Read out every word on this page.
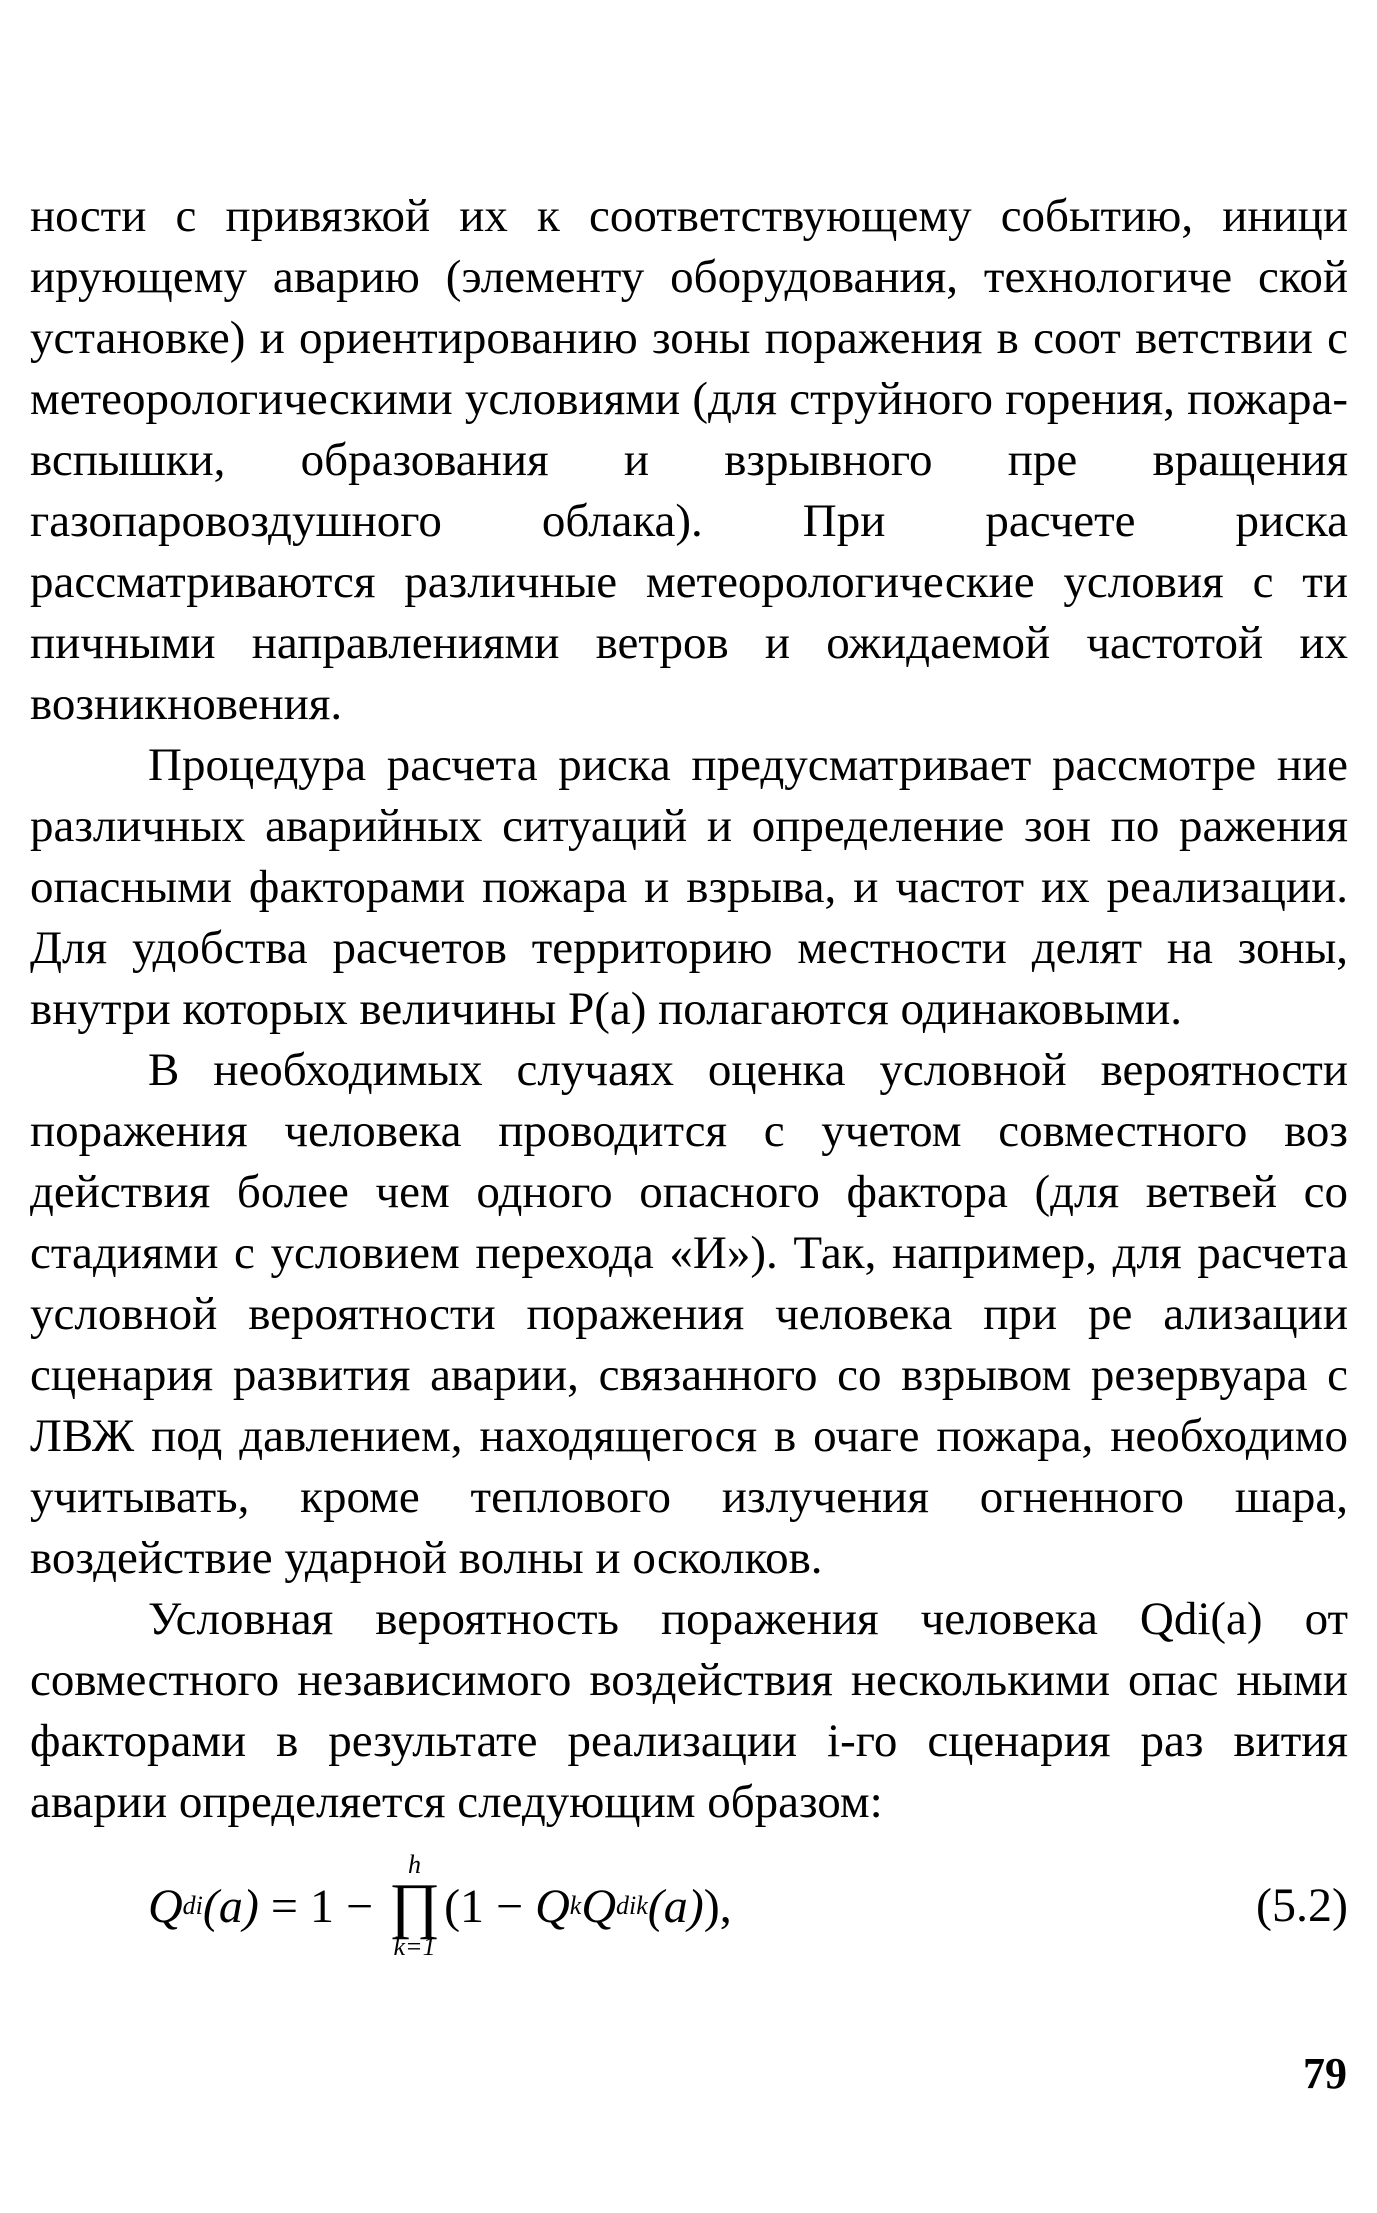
ности с привязкой их к соответствующему событию, иници ирующему аварию (элементу оборудования, технологиче ской установке) и ориентированию зоны поражения в соот ветствии с метеорологическими условиями (для струйного горения, пожара-вспышки, образования и взрывного пре вращения газопаровоздушного облака). При расчете риска рассматриваются различные метеорологические условия с ти пичными направлениями ветров и ожидаемой частотой их возникновения.

Процедура расчета риска предусматривает рассмотре ние различных аварийных ситуаций и определение зон по ражения опасными факторами пожара и взрыва, и частот их реализации. Для удобства расчетов территорию местности делят на зоны, внутри которых величины P(a) полагаются одинаковыми.

В необходимых случаях оценка условной вероятности поражения человека проводится с учетом совместного воз действия более чем одного опасного фактора (для ветвей со стадиями с условием перехода «И»). Так, например, для расчета условной вероятности поражения человека при ре ализации сценария развития аварии, связанного со взрывом резервуара с ЛВЖ под давлением, находящегося в очаге пожара, необходимо учитывать, кроме теплового излучения огненного шара, воздействие ударной волны и осколков.

Условная вероятность поражения человека Qdi(a) от совместного независимого воздействия несколькими опас ными факторами в результате реализации i-го сценария раз вития аварии определяется следующим образом:

Q di (a) = 1 −
h
∏
k=1
(1 − Q k Q dik (a) ),	(5.2)
79
